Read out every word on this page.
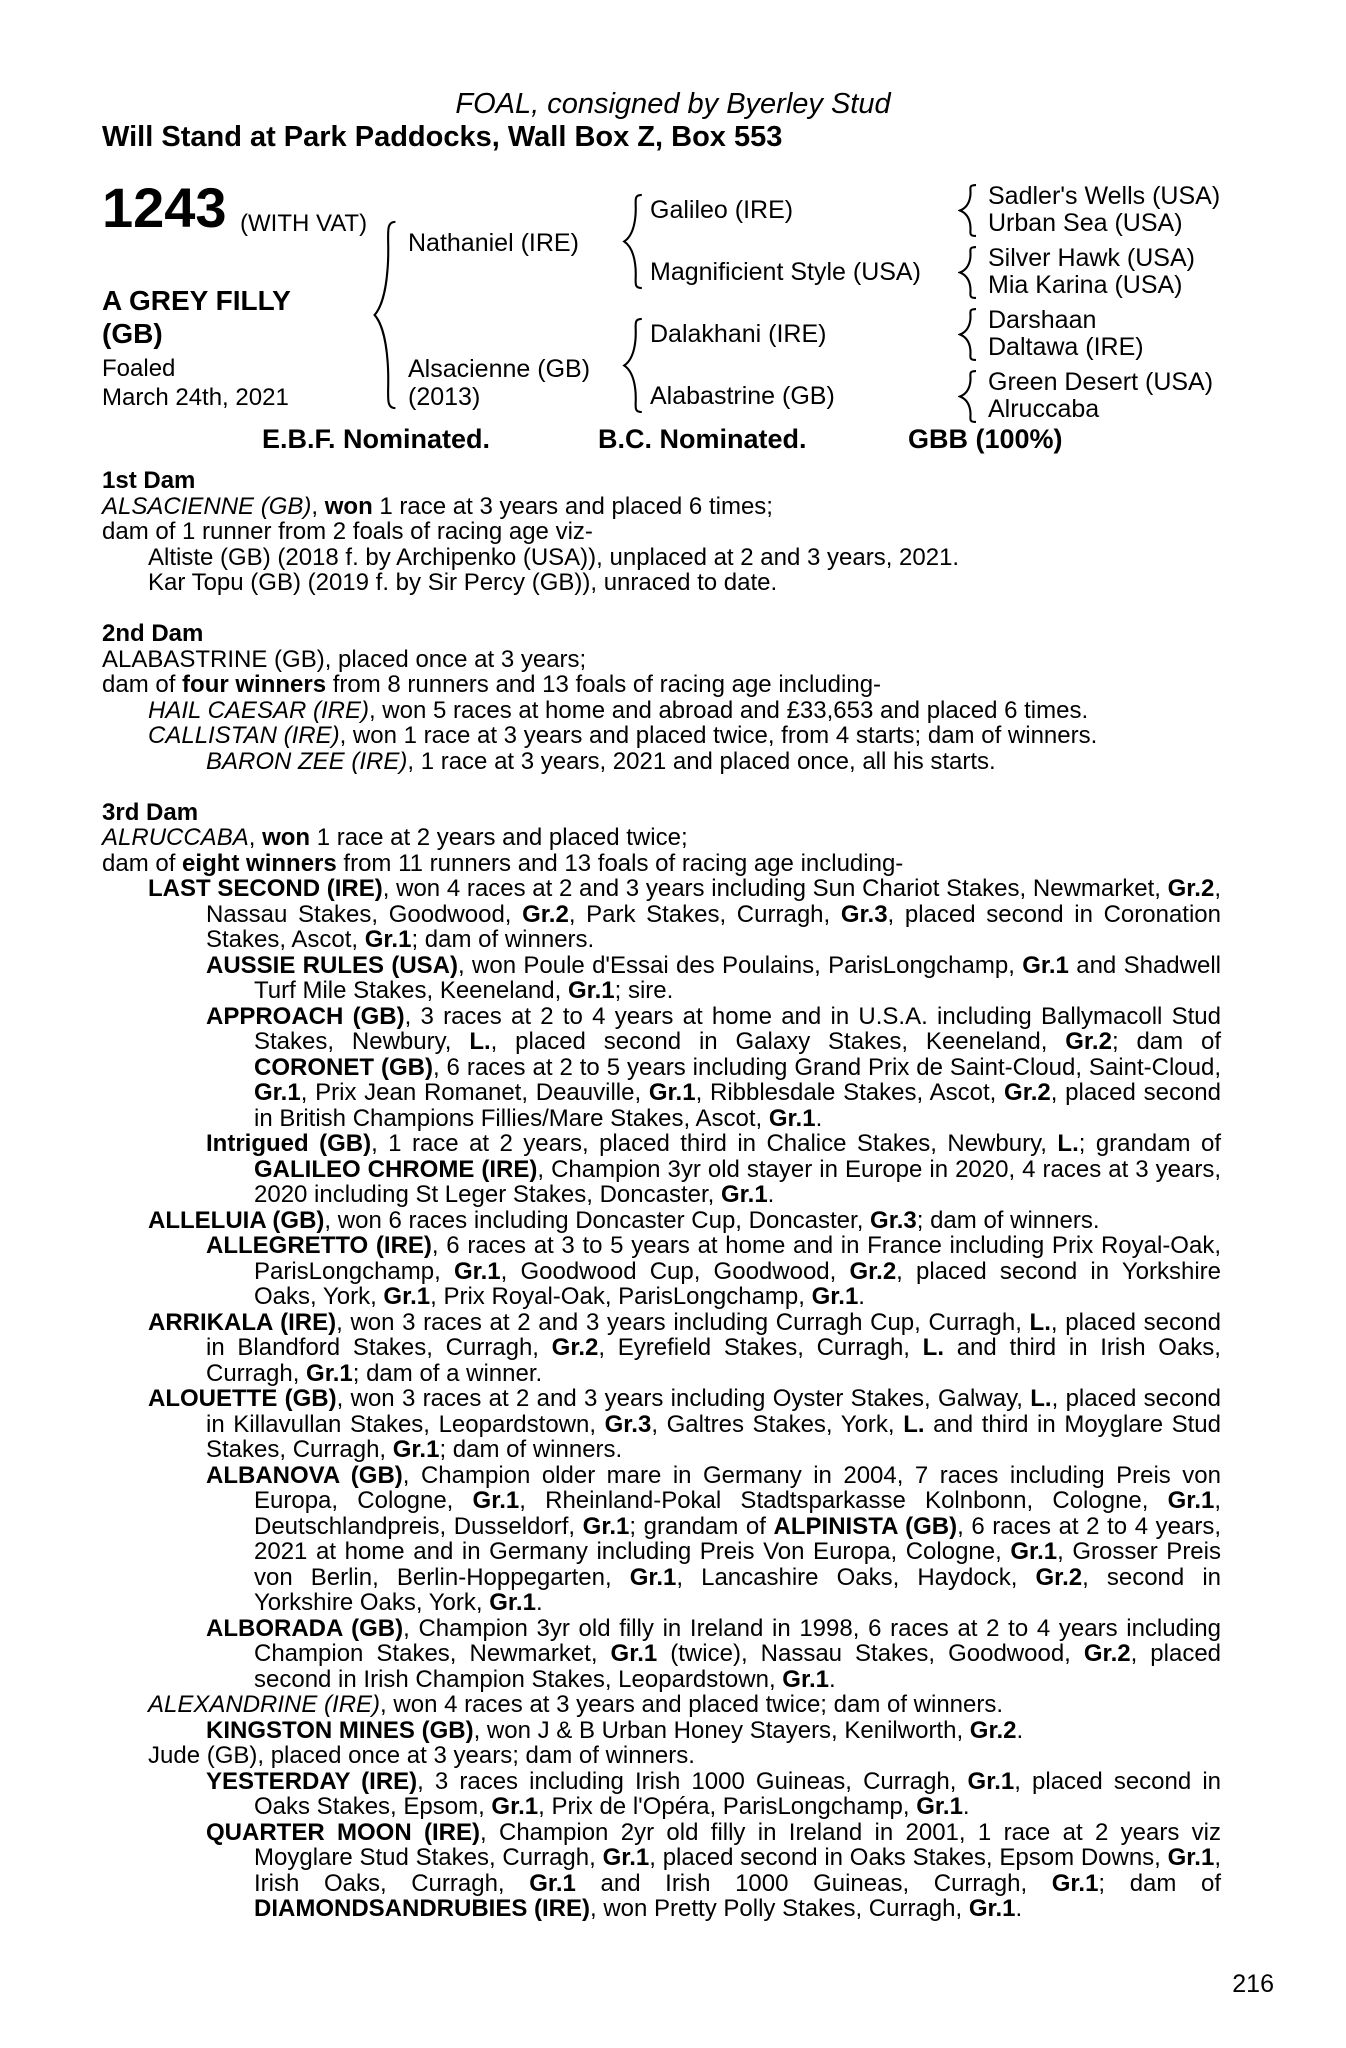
FOAL, consigned by Byerley Stud
Will Stand at Park Paddocks, Wall Box Z, Box 553
1243 (WITH VAT)
A GREY FILLY
(GB)
Foaled
March 24th, 2021
Nathaniel (IRE)
Alsacienne (GB)
(2013)
Galileo (IRE)
Magnificient Style (USA)
Dalakhani (IRE)
Alabastrine (GB)
Sadler's Wells (USA)
Urban Sea (USA)
Silver Hawk (USA)
Mia Karina (USA)
Darshaan
Daltawa (IRE)
Green Desert (USA)
Alruccaba
E.B.F. Nominated.	B.C. Nominated.	GBB (100%)
1st Dam
ALSACIENNE (GB), won 1 race at 3 years and placed 6 times;
dam of 1 runner from 2 foals of racing age viz-
Altiste (GB) (2018 f. by Archipenko (USA)), unplaced at 2 and 3 years, 2021.
Kar Topu (GB) (2019 f. by Sir Percy (GB)), unraced to date.
2nd Dam
ALABASTRINE (GB), placed once at 3 years;
dam of four winners from 8 runners and 13 foals of racing age including-
HAIL CAESAR (IRE), won 5 races at home and abroad and £33,653 and placed 6 times.
CALLISTAN (IRE), won 1 race at 3 years and placed twice, from 4 starts; dam of winners.
BARON ZEE (IRE), 1 race at 3 years, 2021 and placed once, all his starts.
3rd Dam
ALRUCCABA, won 1 race at 2 years and placed twice;
dam of eight winners from 11 runners and 13 foals of racing age including-
LAST SECOND (IRE), won 4 races at 2 and 3 years including Sun Chariot Stakes, Newmarket, Gr.2, Nassau Stakes, Goodwood, Gr.2, Park Stakes, Curragh, Gr.3, placed second in Coronation Stakes, Ascot, Gr.1; dam of winners.
AUSSIE RULES (USA), won Poule d'Essai des Poulains, ParisLongchamp, Gr.1 and Shadwell Turf Mile Stakes, Keeneland, Gr.1; sire.
APPROACH (GB), 3 races at 2 to 4 years at home and in U.S.A. including Ballymacoll Stud Stakes, Newbury, L., placed second in Galaxy Stakes, Keeneland, Gr.2; dam of CORONET (GB), 6 races at 2 to 5 years including Grand Prix de Saint-Cloud, Saint-Cloud, Gr.1, Prix Jean Romanet, Deauville, Gr.1, Ribblesdale Stakes, Ascot, Gr.2, placed second in British Champions Fillies/Mare Stakes, Ascot, Gr.1.
Intrigued (GB), 1 race at 2 years, placed third in Chalice Stakes, Newbury, L.; grandam of GALILEO CHROME (IRE), Champion 3yr old stayer in Europe in 2020, 4 races at 3 years, 2020 including St Leger Stakes, Doncaster, Gr.1.
ALLELUIA (GB), won 6 races including Doncaster Cup, Doncaster, Gr.3; dam of winners.
ALLEGRETTO (IRE), 6 races at 3 to 5 years at home and in France including Prix Royal-Oak, ParisLongchamp, Gr.1, Goodwood Cup, Goodwood, Gr.2, placed second in Yorkshire Oaks, York, Gr.1, Prix Royal-Oak, ParisLongchamp, Gr.1.
ARRIKALA (IRE), won 3 races at 2 and 3 years including Curragh Cup, Curragh, L., placed second in Blandford Stakes, Curragh, Gr.2, Eyrefield Stakes, Curragh, L. and third in Irish Oaks, Curragh, Gr.1; dam of a winner.
ALOUETTE (GB), won 3 races at 2 and 3 years including Oyster Stakes, Galway, L., placed second in Killavullan Stakes, Leopardstown, Gr.3, Galtres Stakes, York, L. and third in Moyglare Stud Stakes, Curragh, Gr.1; dam of winners.
ALBANOVA (GB), Champion older mare in Germany in 2004, 7 races including Preis von Europa, Cologne, Gr.1, Rheinland-Pokal Stadtsparkasse Kolnbonn, Cologne, Gr.1, Deutschlandpreis, Dusseldorf, Gr.1; grandam of ALPINISTA (GB), 6 races at 2 to 4 years, 2021 at home and in Germany including Preis Von Europa, Cologne, Gr.1, Grosser Preis von Berlin, Berlin-Hoppegarten, Gr.1, Lancashire Oaks, Haydock, Gr.2, second in Yorkshire Oaks, York, Gr.1.
ALBORADA (GB), Champion 3yr old filly in Ireland in 1998, 6 races at 2 to 4 years including Champion Stakes, Newmarket, Gr.1 (twice), Nassau Stakes, Goodwood, Gr.2, placed second in Irish Champion Stakes, Leopardstown, Gr.1.
ALEXANDRINE (IRE), won 4 races at 3 years and placed twice; dam of winners.
KINGSTON MINES (GB), won J & B Urban Honey Stayers, Kenilworth, Gr.2.
Jude (GB), placed once at 3 years; dam of winners.
YESTERDAY (IRE), 3 races including Irish 1000 Guineas, Curragh, Gr.1, placed second in Oaks Stakes, Epsom, Gr.1, Prix de l'Opéra, ParisLongchamp, Gr.1.
QUARTER MOON (IRE), Champion 2yr old filly in Ireland in 2001, 1 race at 2 years viz Moyglare Stud Stakes, Curragh, Gr.1, placed second in Oaks Stakes, Epsom Downs, Gr.1, Irish Oaks, Curragh, Gr.1 and Irish 1000 Guineas, Curragh, Gr.1; dam of DIAMONDSANDRUBIES (IRE), won Pretty Polly Stakes, Curragh, Gr.1.
216
